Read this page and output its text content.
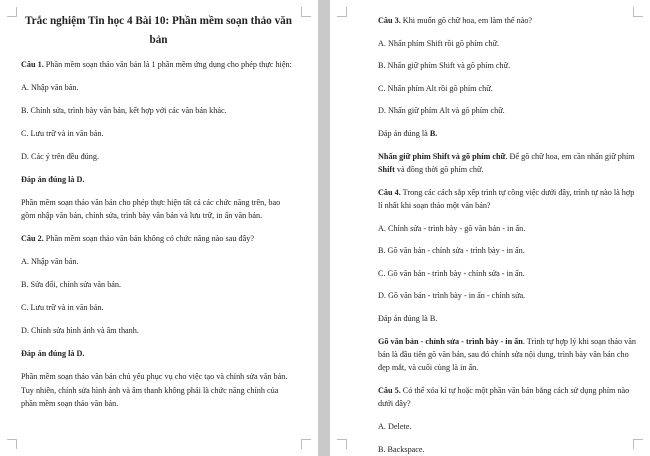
Trắc nghiệm Tin học 4 Bài 10: Phần mềm soạn thảo văn bản
Câu 1. Phần mềm soạn thảo văn bản là 1 phần mềm ứng dụng cho phép thực hiện:
A. Nhập văn bản.
B. Chỉnh sửa, trình bày văn bản, kết hợp với các văn bản khác.
C. Lưu trữ và in văn bản.
D. Các ý trên đều đúng.
Đáp án đúng là D.
Phần mềm soạn thảo văn bản cho phép thực hiện tất cả các chức năng trên, bao gồm nhập văn bản, chỉnh sửa, trình bày văn bản và lưu trữ, in ấn văn bản.
Câu 2. Phần mềm soạn thảo văn bản không có chức năng nào sau đây?
A. Nhập văn bản.
B. Sửa đổi, chỉnh sửa văn bản.
C. Lưu trữ và in văn bản.
D. Chỉnh sửa hình ảnh và âm thanh.
Đáp án đúng là D.
Phần mềm soạn thảo văn bản chủ yếu phục vụ cho việc tạo và chỉnh sửa văn bản. Tuy nhiên, chỉnh sửa hình ảnh và âm thanh không phải là chức năng chính của phần mềm soạn thảo văn bản.
Câu 3. Khi muốn gõ chữ hoa, em làm thế nào?
A. Nhấn phím Shift rồi gõ phím chữ.
B. Nhấn giữ phím Shift và gõ phím chữ.
C. Nhấn phím Alt rồi gõ phím chữ.
D. Nhấn giữ phím Alt và gõ phím chữ.
Đáp án đúng là B.
Nhấn giữ phím Shift và gõ phím chữ. Để gõ chữ hoa, em cần nhấn giữ phím Shift và đồng thời gõ phím chữ.
Câu 4. Trong các cách sắp xếp trình tự công việc dưới đây, trình tự nào là hợp lí nhất khi soạn thảo một văn bản?
A. Chỉnh sửa - trình bày - gõ văn bản - in ấn.
B. Gõ văn bản - chỉnh sửa - trình bày - in ấn.
C. Gõ văn bản - trình bày - chỉnh sửa - in ấn.
D. Gõ văn bản - trình bày - in ấn - chỉnh sửa.
Đáp án đúng là B.
Gõ văn bản - chỉnh sửa - trình bày - in ấn. Trình tự hợp lý khi soạn thảo văn bản là đầu tiên gõ văn bản, sau đó chỉnh sửa nội dung, trình bày văn bản cho đẹp mắt, và cuối cùng là in ấn.
Câu 5. Có thể xóa kí tự hoặc một phần văn bản bằng cách sử dụng phím nào dưới đây?
A. Delete.
B. Backspace.
